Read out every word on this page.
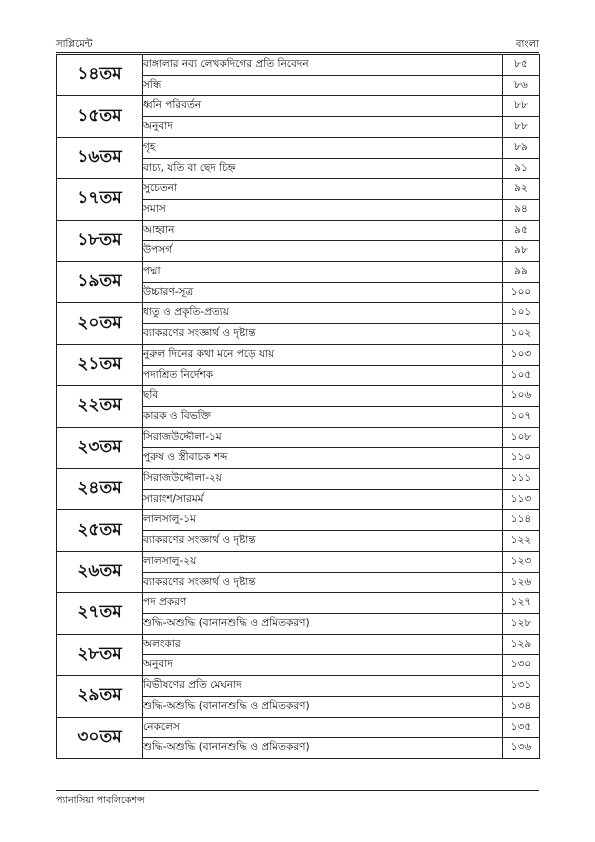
সাপ্লিমেন্ট	বাংলা
১৪তম	বাঙ্গালার নব্য লেখকদিগের প্রতি নিবেদন	৮৫
	সন্ধি	৮৬
১৫তম	ধ্বনি পরিবর্তন	৮৮
	অনুবাদ	৮৮
১৬তম	গৃহ	৮৯
	বাচ্য, যতি বা ছেদ চিহ্ন	৯১
১৭তম	সুচেতনা	৯২
	সমাস	৯৪
১৮তম	আহ্বান	৯৫
	উপসর্গ	৯৮
১৯তম	পদ্মা	৯৯
	উচ্চারণ-সূত্র	১০০
২০তম	ধাতু ও প্রকৃতি-প্রত্যয়	১০১
	ব্যাকরণের সংজ্ঞার্থ ও দৃষ্টান্ত	১০২
২১তম	নুরুল দিনের কথা মনে পড়ে যায়	১০৩
	পদাশ্রিত নির্দেশক	১০৫
২২তম	ছবি	১০৬
	কারক ও বিভক্তি	১০৭
২৩তম	সিরাজউদ্দৌলা-১ম	১০৮
	পুরুষ ও স্ত্রীবাচক শব্দ	১১০
২৪তম	সিরাজউদ্দৌলা-২য়	১১১
	সারাংশ/সারমর্ম	১১৩
২৫তম	লালসালু-১ম	১১৪
	ব্যাকরণের সংজ্ঞার্থ ও দৃষ্টান্ত	১২২
২৬তম	লালসালু-২য়	১২৩
	ব্যাকরণের সংজ্ঞার্থ ও দৃষ্টান্ত	১২৬
২৭তম	পদ প্রকরণ	১২৭
	শুদ্ধি-অশুদ্ধি (বানানশুদ্ধি ও প্রমিতকরণ)	১২৮
২৮তম	অলংকার	১২৯
	অনুবাদ	১৩০
২৯তম	বিভীষণের প্রতি মেঘনাদ	১৩১
	শুদ্ধি-অশুদ্ধি (বানানশুদ্ধি ও প্রমিতকরণ)	১৩৪
৩০তম	নেকলেস	১৩৫
	শুদ্ধি-অশুদ্ধি (বানানশুদ্ধি ও প্রমিতকরণ)	১৩৬
প্যানাসিয়া পাবলিকেশন্স
